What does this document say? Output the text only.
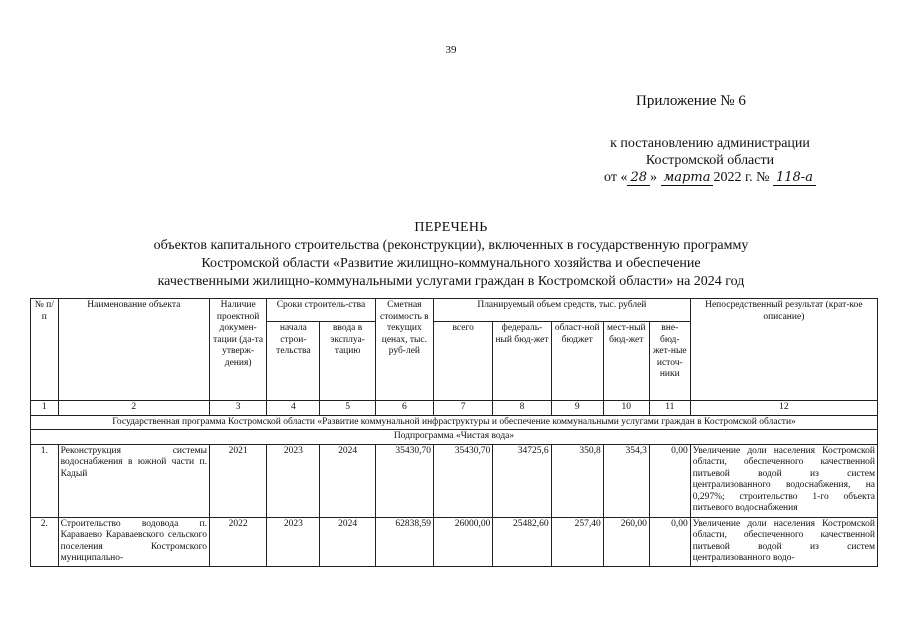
39
Приложение № 6
к постановлению администрации
Костромской области
от « 28 » марта 2022 г. № 118-а
ПЕРЕЧЕНЬ
объектов капитального строительства (реконструкции), включенных в государственную программу
Костромской области «Развитие жилищно-коммунального хозяйства и обеспечение
качественными жилищно-коммунальными услугами граждан в Костромской области» на 2024 год
№ п/п	Наименование объекта	Наличие проектной докумен-тации (да-та утверж-дения)	Сроки строитель-ства		Сметная стоимость в текущих ценах, тыс. руб-лей	Планируемый объем средств, тыс. рублей					Непосредственный результат (крат-кое описание)
			начала строи-тельства	ввода в эксплуа-тацию		всего	федераль-ный бюд-жет	област-ной бюджет	мест-ный бюд-жет	вне-бюд-жет-ные источ-ники	
1	2	3	4	5	6	7	8	9	10	11	12
Государственная программа Костромской области «Развитие коммунальной инфраструктуры и обеспечение коммунальными услугами граждан в Костромской области»											
Подпрограмма «Чистая вода»											
1.	Реконструкция системы водоснабжения в южной части п. Кадый	2021	2023	2024	35430,70	35430,70	34725,6	350,8	354,3	0,00	Увеличение доли населения Костромской области, обеспеченного качественной питьевой водой из систем централизованного водоснабжения, на 0,297%; строительство 1-го объекта питьевого водоснабжения
2.	Строительство водовода п. Караваево Караваевского сельского поселения Костромского муниципально-	2022	2023	2024	62838,59	26000,00	25482,60	257,40	260,00	0,00	Увеличение доли населения Костромской области, обеспеченного качественной питьевой водой из систем централизованного водо-
